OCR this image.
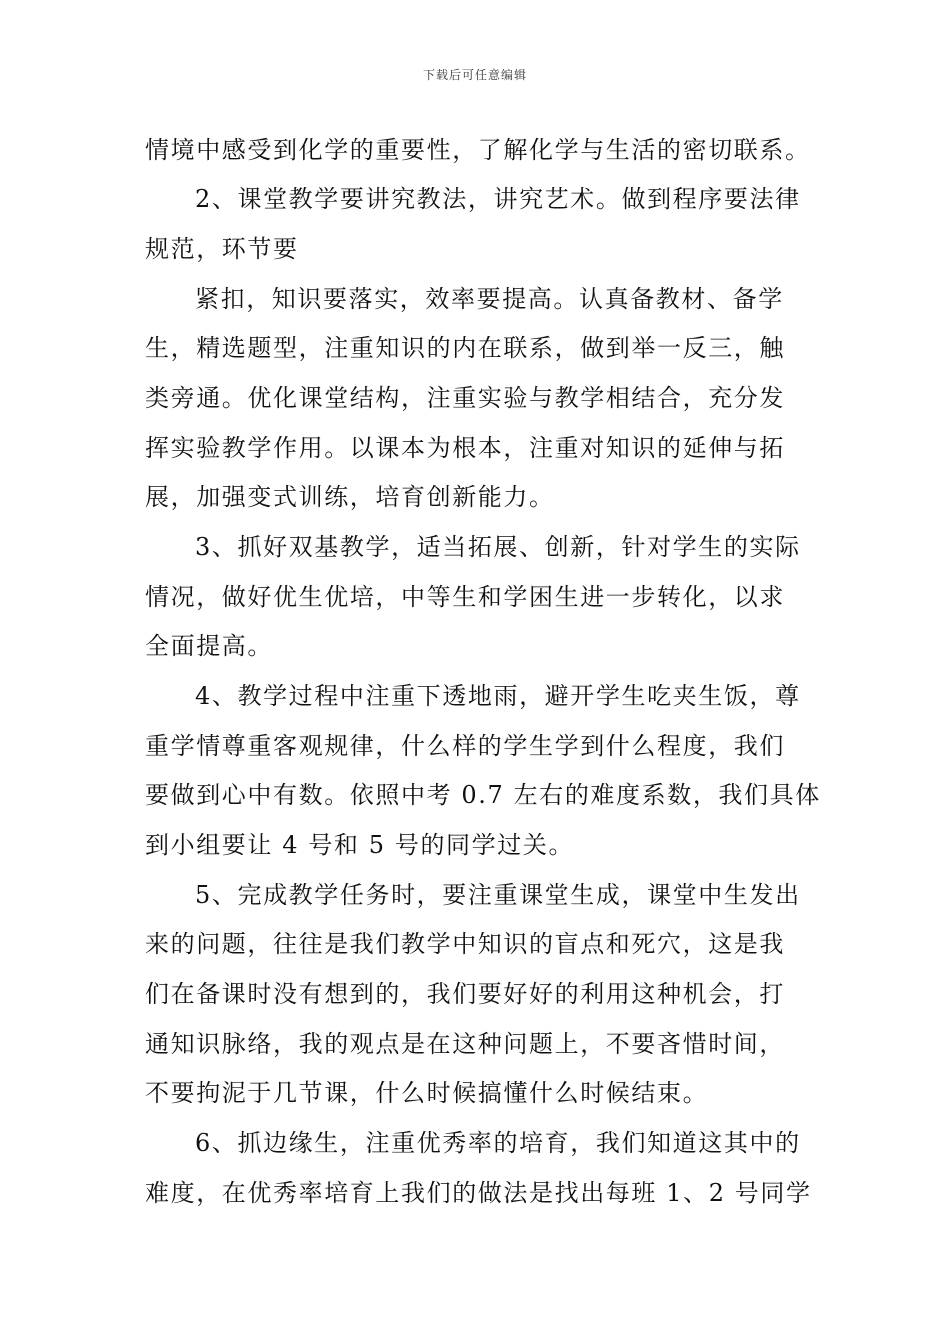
下载后可任意编辑
情境中感受到化学的重要性，了解化学与生活的密切联系。
2、课堂教学要讲究教法，讲究艺术。做到程序要法律
规范，环节要
紧扣，知识要落实，效率要提高。认真备教材、备学
生，精选题型，注重知识的内在联系，做到举一反三，触
类旁通。优化课堂结构，注重实验与教学相结合，充分发
挥实验教学作用。以课本为根本，注重对知识的延伸与拓
展，加强变式训练，培育创新能力。
3、抓好双基教学，适当拓展、创新，针对学生的实际
情况，做好优生优培，中等生和学困生进一步转化，以求
全面提高。
4、教学过程中注重下透地雨，避开学生吃夹生饭，尊
重学情尊重客观规律，什么样的学生学到什么程度，我们
要做到心中有数。依照中考 0.7 左右的难度系数，我们具体
到小组要让 4 号和 5 号的同学过关。
5、完成教学任务时，要注重课堂生成，课堂中生发出
来的问题，往往是我们教学中知识的盲点和死穴，这是我
们在备课时没有想到的，我们要好好的利用这种机会，打
通知识脉络，我的观点是在这种问题上，不要吝惜时间，
不要拘泥于几节课，什么时候搞懂什么时候结束。
6、抓边缘生，注重优秀率的培育，我们知道这其中的
难度，在优秀率培育上我们的做法是找出每班 1、2 号同学
